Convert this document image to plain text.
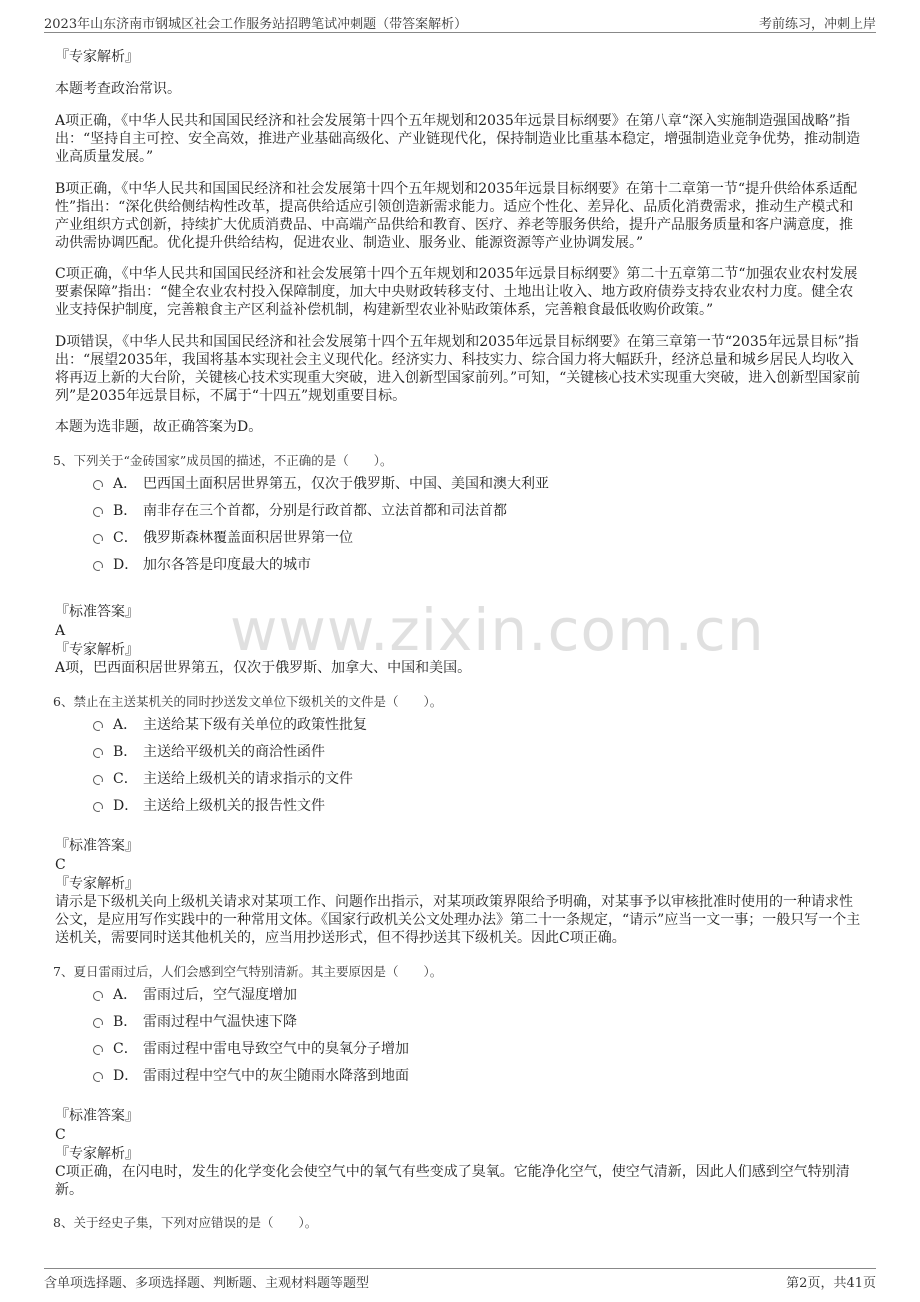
2023年山东济南市钢城区社会工作服务站招聘笔试冲刺题（带答案解析）	考前练习，冲刺上岸
www.zixin.com.cn
『专家解析』
本题考查政治常识。
A项正确，《中华人民共和国国民经济和社会发展第十四个五年规划和2035年远景目标纲要》在第八章“深入实施制造强国战略”指出：“坚持自主可控、安全高效，推进产业基础高级化、产业链现代化，保持制造业比重基本稳定，增强制造业竞争优势，推动制造业高质量发展。”
B项正确，《中华人民共和国国民经济和社会发展第十四个五年规划和2035年远景目标纲要》在第十二章第一节“提升供给体系适配性”指出：“深化供给侧结构性改革，提高供给适应引领创造新需求能力。适应个性化、差异化、品质化消费需求，推动生产模式和产业组织方式创新，持续扩大优质消费品、中高端产品供给和教育、医疗、养老等服务供给，提升产品服务质量和客户满意度，推动供需协调匹配。优化提升供给结构，促进农业、制造业、服务业、能源资源等产业协调发展。”
C项正确，《中华人民共和国国民经济和社会发展第十四个五年规划和2035年远景目标纲要》第二十五章第二节“加强农业农村发展要素保障”指出：“健全农业农村投入保障制度，加大中央财政转移支付、土地出让收入、地方政府债券支持农业农村力度。健全农业支持保护制度，完善粮食主产区利益补偿机制，构建新型农业补贴政策体系，完善粮食最低收购价政策。”
D项错误，《中华人民共和国国民经济和社会发展第十四个五年规划和2035年远景目标纲要》在第三章第一节“2035年远景目标”指出：“展望2035年，我国将基本实现社会主义现代化。经济实力、科技实力、综合国力将大幅跃升，经济总量和城乡居民人均收入将再迈上新的大台阶，关键核心技术实现重大突破，进入创新型国家前列。”可知，“关键核心技术实现重大突破，进入创新型国家前列”是2035年远景目标，不属于“十四五”规划重要目标。
本题为选非题，故正确答案为D。
5、下列关于“金砖国家”成员国的描述，不正确的是（　　）。
A． 巴西国土面积居世界第五，仅次于俄罗斯、中国、美国和澳大利亚
B． 南非存在三个首都，分别是行政首都、立法首都和司法首都
C． 俄罗斯森林覆盖面积居世界第一位
D． 加尔各答是印度最大的城市
『标准答案』
A
『专家解析』
A项，巴西面积居世界第五，仅次于俄罗斯、加拿大、中国和美国。
6、禁止在主送某机关的同时抄送发文单位下级机关的文件是（　　）。
A． 主送给某下级有关单位的政策性批复
B． 主送给平级机关的商洽性函件
C． 主送给上级机关的请求指示的文件
D． 主送给上级机关的报告性文件
『标准答案』
C
『专家解析』
请示是下级机关向上级机关请求对某项工作、问题作出指示，对某项政策界限给予明确，对某事予以审核批准时使用的一种请求性公文，是应用写作实践中的一种常用文体。《国家行政机关公文处理办法》第二十一条规定，“请示”应当一文一事；一般只写一个主送机关，需要同时送其他机关的，应当用抄送形式，但不得抄送其下级机关。因此C项正确。
7、夏日雷雨过后，人们会感到空气特别清新。其主要原因是（　　）。
A． 雷雨过后，空气湿度增加
B． 雷雨过程中气温快速下降
C． 雷雨过程中雷电导致空气中的臭氧分子增加
D． 雷雨过程中空气中的灰尘随雨水降落到地面
『标准答案』
C
『专家解析』
C项正确，在闪电时，发生的化学变化会使空气中的氧气有些变成了臭氧。它能净化空气，使空气清新，因此人们感到空气特别清新。
8、关于经史子集，下列对应错误的是（　　）。
含单项选择题、多项选择题、判断题、主观材料题等题型	第2页，共41页
